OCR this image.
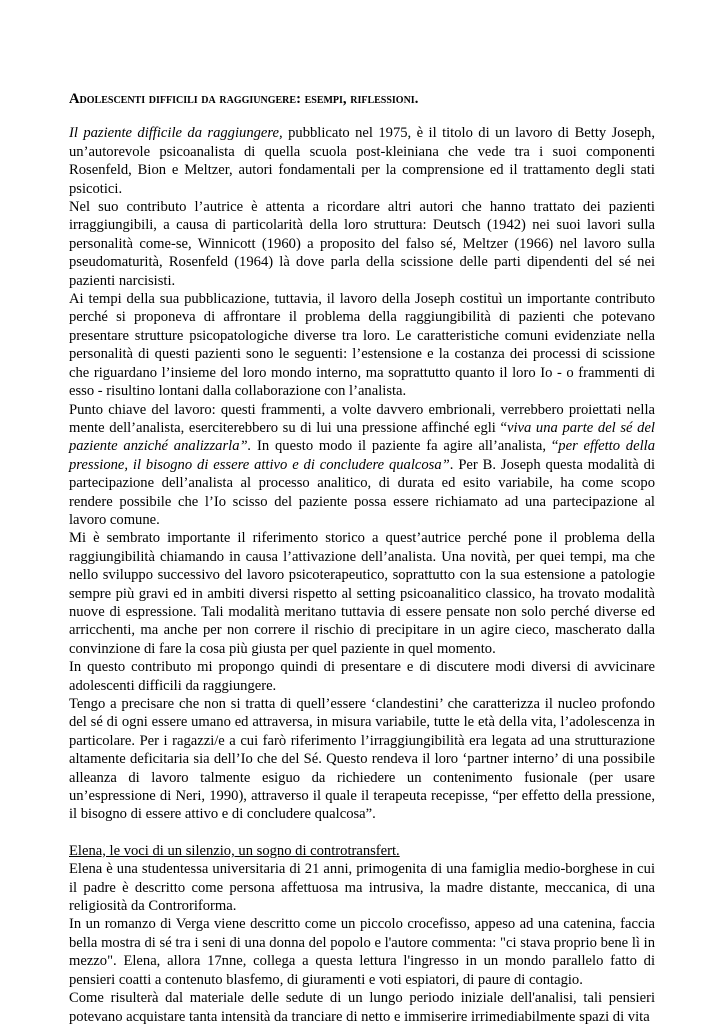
Adolescenti difficili da raggiungere: esempi, riflessioni.

Il paziente difficile da raggiungere, pubblicato nel 1975, è il titolo di un lavoro di Betty Joseph, un’autorevole psicoanalista di quella scuola post-kleiniana che vede tra i suoi componenti Rosenfeld, Bion e Meltzer, autori fondamentali per la comprensione ed il trattamento degli stati psicotici.

Nel suo contributo l’autrice è attenta a ricordare altri autori che hanno trattato dei pazienti irraggiungibili, a causa di particolarità della loro struttura: Deutsch (1942) nei suoi lavori sulla personalità come-se, Winnicott (1960) a proposito del falso sé, Meltzer (1966) nel lavoro sulla pseudomaturità, Rosenfeld (1964) là dove parla della scissione delle parti dipendenti del sé nei pazienti narcisisti.

Ai tempi della sua pubblicazione, tuttavia, il lavoro della Joseph costituì un importante contributo perché si proponeva di affrontare il problema della raggiungibilità di pazienti che potevano presentare strutture psicopatologiche diverse tra loro. Le caratteristiche comuni evidenziate nella personalità di questi pazienti sono le seguenti: l’estensione e la costanza dei processi di scissione che riguardano l’insieme del loro mondo interno, ma soprattutto quanto il loro Io - o frammenti di esso - risultino lontani dalla collaborazione con l’analista.

Punto chiave del lavoro: questi frammenti, a volte davvero embrionali, verrebbero proiettati nella mente dell’analista, eserciterebbero su di lui una pressione affinché egli “viva una parte del sé del paziente anziché analizzarla”. In questo modo il paziente fa agire all’analista, “per effetto della pressione, il bisogno di essere attivo e di concludere qualcosa”. Per B. Joseph questa modalità di partecipazione dell’analista al processo analitico, di durata ed esito variabile, ha come scopo rendere possibile che l’Io scisso del paziente possa essere richiamato ad una partecipazione al lavoro comune.

Mi è sembrato importante il riferimento storico a quest’autrice perché pone il problema della raggiungibilità chiamando in causa l’attivazione dell’analista. Una novità, per quei tempi, ma che nello sviluppo successivo del lavoro psicoterapeutico, soprattutto con la sua estensione a patologie sempre più gravi ed in ambiti diversi rispetto al setting psicoanalitico classico, ha trovato modalità nuove di espressione. Tali modalità meritano tuttavia di essere pensate non solo perché diverse ed arricchenti, ma anche per non correre il rischio di precipitare in un agire cieco, mascherato dalla convinzione di fare la cosa più giusta per quel paziente in quel momento.

In questo contributo mi propongo quindi di presentare e di discutere modi diversi di avvicinare adolescenti difficili da raggiungere.

Tengo a precisare che non si tratta di quell’essere ‘clandestini’ che caratterizza il nucleo profondo del sé di ogni essere umano ed attraversa, in misura variabile, tutte le età della vita, l’adolescenza in particolare. Per i ragazzi/e a cui farò riferimento l’irraggiungibilità era legata ad una strutturazione altamente deficitaria sia dell’Io che del Sé. Questo rendeva il loro ‘partner interno’ di una possibile alleanza di lavoro talmente esiguo da richiedere un contenimento fusionale (per usare un’espressione di Neri, 1990), attraverso il quale il terapeuta recepisse, “per effetto della pressione, il bisogno di essere attivo e di concludere qualcosa”.

Elena, le voci di un silenzio, un sogno di controtransfert.

Elena è una studentessa universitaria di 21 anni, primogenita di una famiglia medio-borghese in cui il padre è descritto come persona affettuosa ma intrusiva, la madre distante, meccanica, di una religiosità da Controriforma.

In un romanzo di Verga viene descritto come un piccolo crocefisso, appeso ad una catenina, faccia bella mostra di sé tra i seni di una donna del popolo e l'autore commenta: "ci stava proprio bene lì in mezzo". Elena, allora 17nne, collega a questa lettura l'ingresso in un mondo parallelo fatto di pensieri coatti a contenuto blasfemo, di giuramenti e voti espiatori, di paure di contagio.

Come risulterà dal materiale delle sedute di un lungo periodo iniziale dell'analisi, tali pensieri potevano acquistare tanta intensità da tranciare di netto e immiserire irrimediabilmente spazi di vita
